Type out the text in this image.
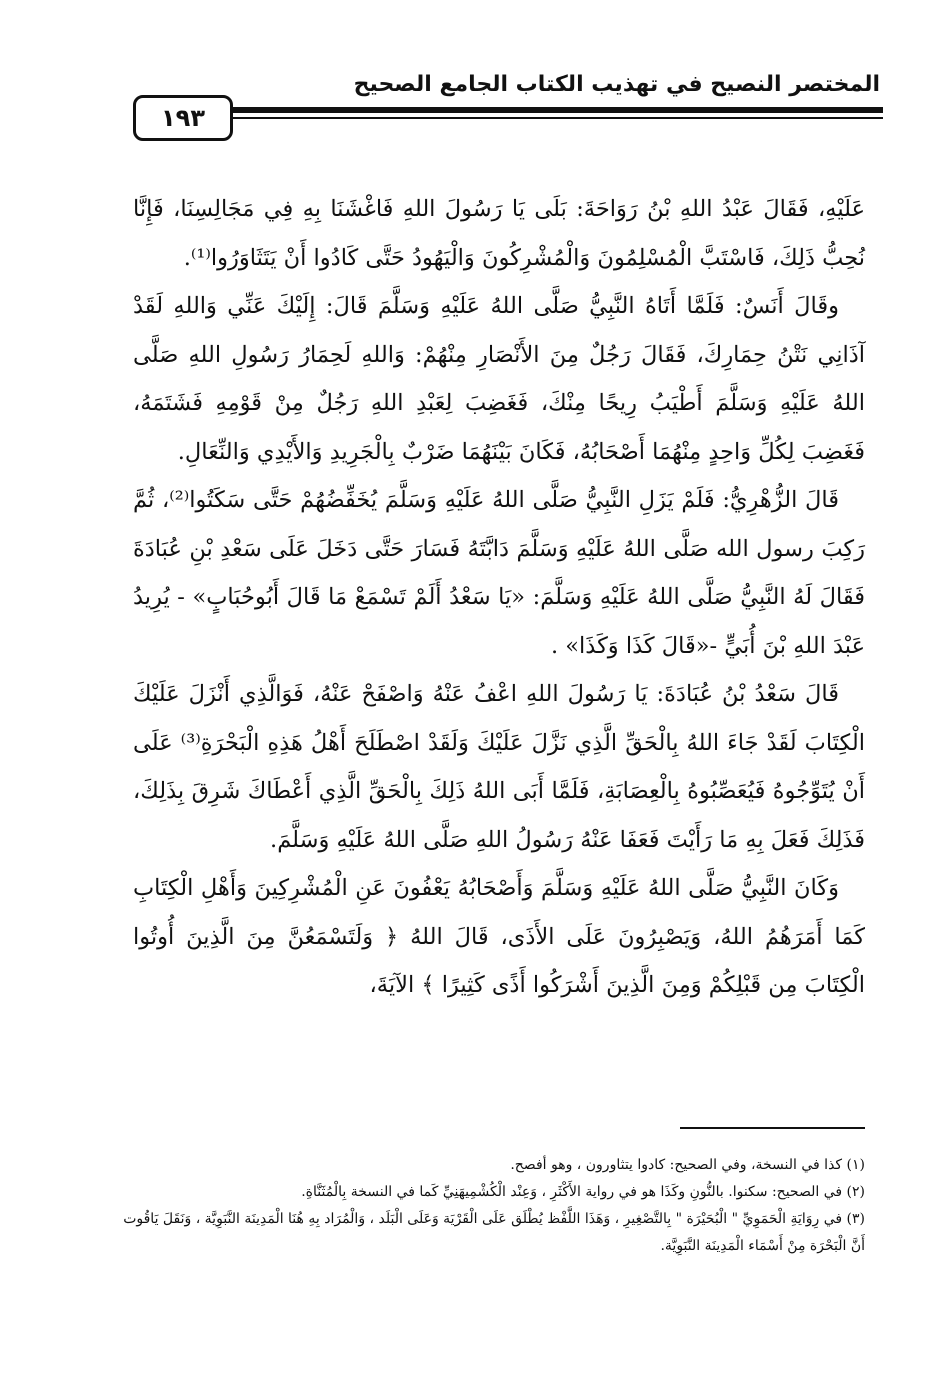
المختصر النصيح في تهذيب الكتاب الجامع الصحيح
١٩٣

عَلَيْهِ، فَقَالَ عَبْدُ اللهِ بْنُ رَوَاحَةَ: بَلَى يَا رَسُولَ اللهِ فَاغْشَنَا بِهِ فِي مَجَالِسِنَا، فَإِنَّا نُحِبُّ ذَلِكَ، فَاسْتَبَّ الْمُسْلِمُونَ وَالْمُشْرِكُونَ وَالْيَهُودُ حَتَّى كَادُوا أَنْ يَتَثَاوَرُوا⁽¹⁾.

وقَالَ أَنَسٌ: فَلَمَّا أَتَاهُ النَّبِيُّ صَلَّى اللهُ عَلَيْهِ وَسَلَّمَ قَالَ: إِلَيْكَ عَنِّي وَاللهِ لَقَدْ آذَانِي نَتْنُ حِمَارِكَ، فَقَالَ رَجُلٌ مِنَ الأَنْصَارِ مِنْهُمْ: وَاللهِ لَحِمَارُ رَسُولِ اللهِ صَلَّى اللهُ عَلَيْهِ وَسَلَّمَ أَطْيَبُ رِيحًا مِنْكَ، فَغَضِبَ لِعَبْدِ اللهِ رَجُلٌ مِنْ قَوْمِهِ فَشَتَمَهُ، فَغَضِبَ لِكُلِّ وَاحِدٍ مِنْهُمَا أَصْحَابُهُ، فَكَانَ بَيْنَهُمَا ضَرْبٌ بِالْجَرِيدِ وَالأَيْدِي وَالنِّعَالِ.

قَالَ الزُّهْرِيُّ: فَلَمْ يَزَلِ النَّبِيُّ صَلَّى اللهُ عَلَيْهِ وَسَلَّمَ يُخَفِّضُهُمْ حَتَّى سَكَتُوا⁽²⁾، ثُمَّ رَكِبَ رسول الله صَلَّى اللهُ عَلَيْهِ وَسَلَّمَ دَابَّتَهُ فَسَارَ حَتَّى دَخَلَ عَلَى سَعْدِ بْنِ عُبَادَةَ فَقَالَ لَهُ النَّبِيُّ صَلَّى اللهُ عَلَيْهِ وَسَلَّمَ: «يَا سَعْدُ أَلَمْ تَسْمَعْ مَا قَالَ أَبُوحُبَابٍ» - يُرِيدُ عَبْدَ اللهِ بْنَ أُبَيٍّ -«قَالَ كَذَا وَكَذَا» .

قَالَ سَعْدُ بْنُ عُبَادَةَ: يَا رَسُولَ اللهِ اعْفُ عَنْهُ وَاصْفَحْ عَنْهُ، فَوَالَّذِي أَنْزَلَ عَلَيْكَ الْكِتَابَ لَقَدْ جَاءَ اللهُ بِالْحَقِّ الَّذِي نَزَّلَ عَلَيْكَ وَلَقَدْ اصْطَلَحَ أَهْلُ هَذِهِ الْبَحْرَةِ⁽³⁾ عَلَى أَنْ يُتَوِّجُوهُ فَيُعَصِّبُوهُ بِالْعِصَابَةِ، فَلَمَّا أَبَى اللهُ ذَلِكَ بِالْحَقِّ الَّذِي أَعْطَاكَ شَرِقَ بِذَلِكَ، فَذَلِكَ فَعَلَ بِهِ مَا رَأَيْتَ فَعَفَا عَنْهُ رَسُولُ اللهِ صَلَّى اللهُ عَلَيْهِ وَسَلَّمَ.

وَكَانَ النَّبِيُّ صَلَّى اللهُ عَلَيْهِ وَسَلَّمَ وَأَصْحَابُهُ يَعْفُونَ عَنِ الْمُشْرِكِينَ وَأَهْلِ الْكِتَابِ كَمَا أَمَرَهُمُ اللهُ، وَيَصْبِرُونَ عَلَى الأَذَى، قَالَ اللهُ ﴿ وَلَتَسْمَعُنَّ مِنَ الَّذِينَ أُوتُوا الْكِتَابَ مِن قَبْلِكُمْ وَمِنَ الَّذِينَ أَشْرَكُوا أَذًى كَثِيرًا ﴾ الآيَةَ،

(١) كذا في النسخة، وفي الصحيح: كادوا يتثاورون ، وهو أفصح.

(٢) في الصحيح: سكنوا. بالنُّونِ وكَذَا هو في رواية الأَكْثَرِ ، وَعِنْد الْكُشْمِيهَنِيِّ كَما في النسخة بِالْمُثَنَّاةِ.

(٣) في رِوَايَةِ الْحَمَوِيِّ " الْبُحَيْرَة " بِالتَّصْغِيرِ ، وَهَذَا اللَّفْظ يُطْلَق عَلَى الْقَرْيَة وَعَلَى الْبَلَد ، وَالْمُرَاد بِهِ هُنَا الْمَدِينَة النَّبَوِيَّة ، وَنَقَلَ يَاقُوت أَنَّ الْبَحْرَة مِنْ أَسْمَاء الْمَدِينَة النَّبَوِيَّة.
